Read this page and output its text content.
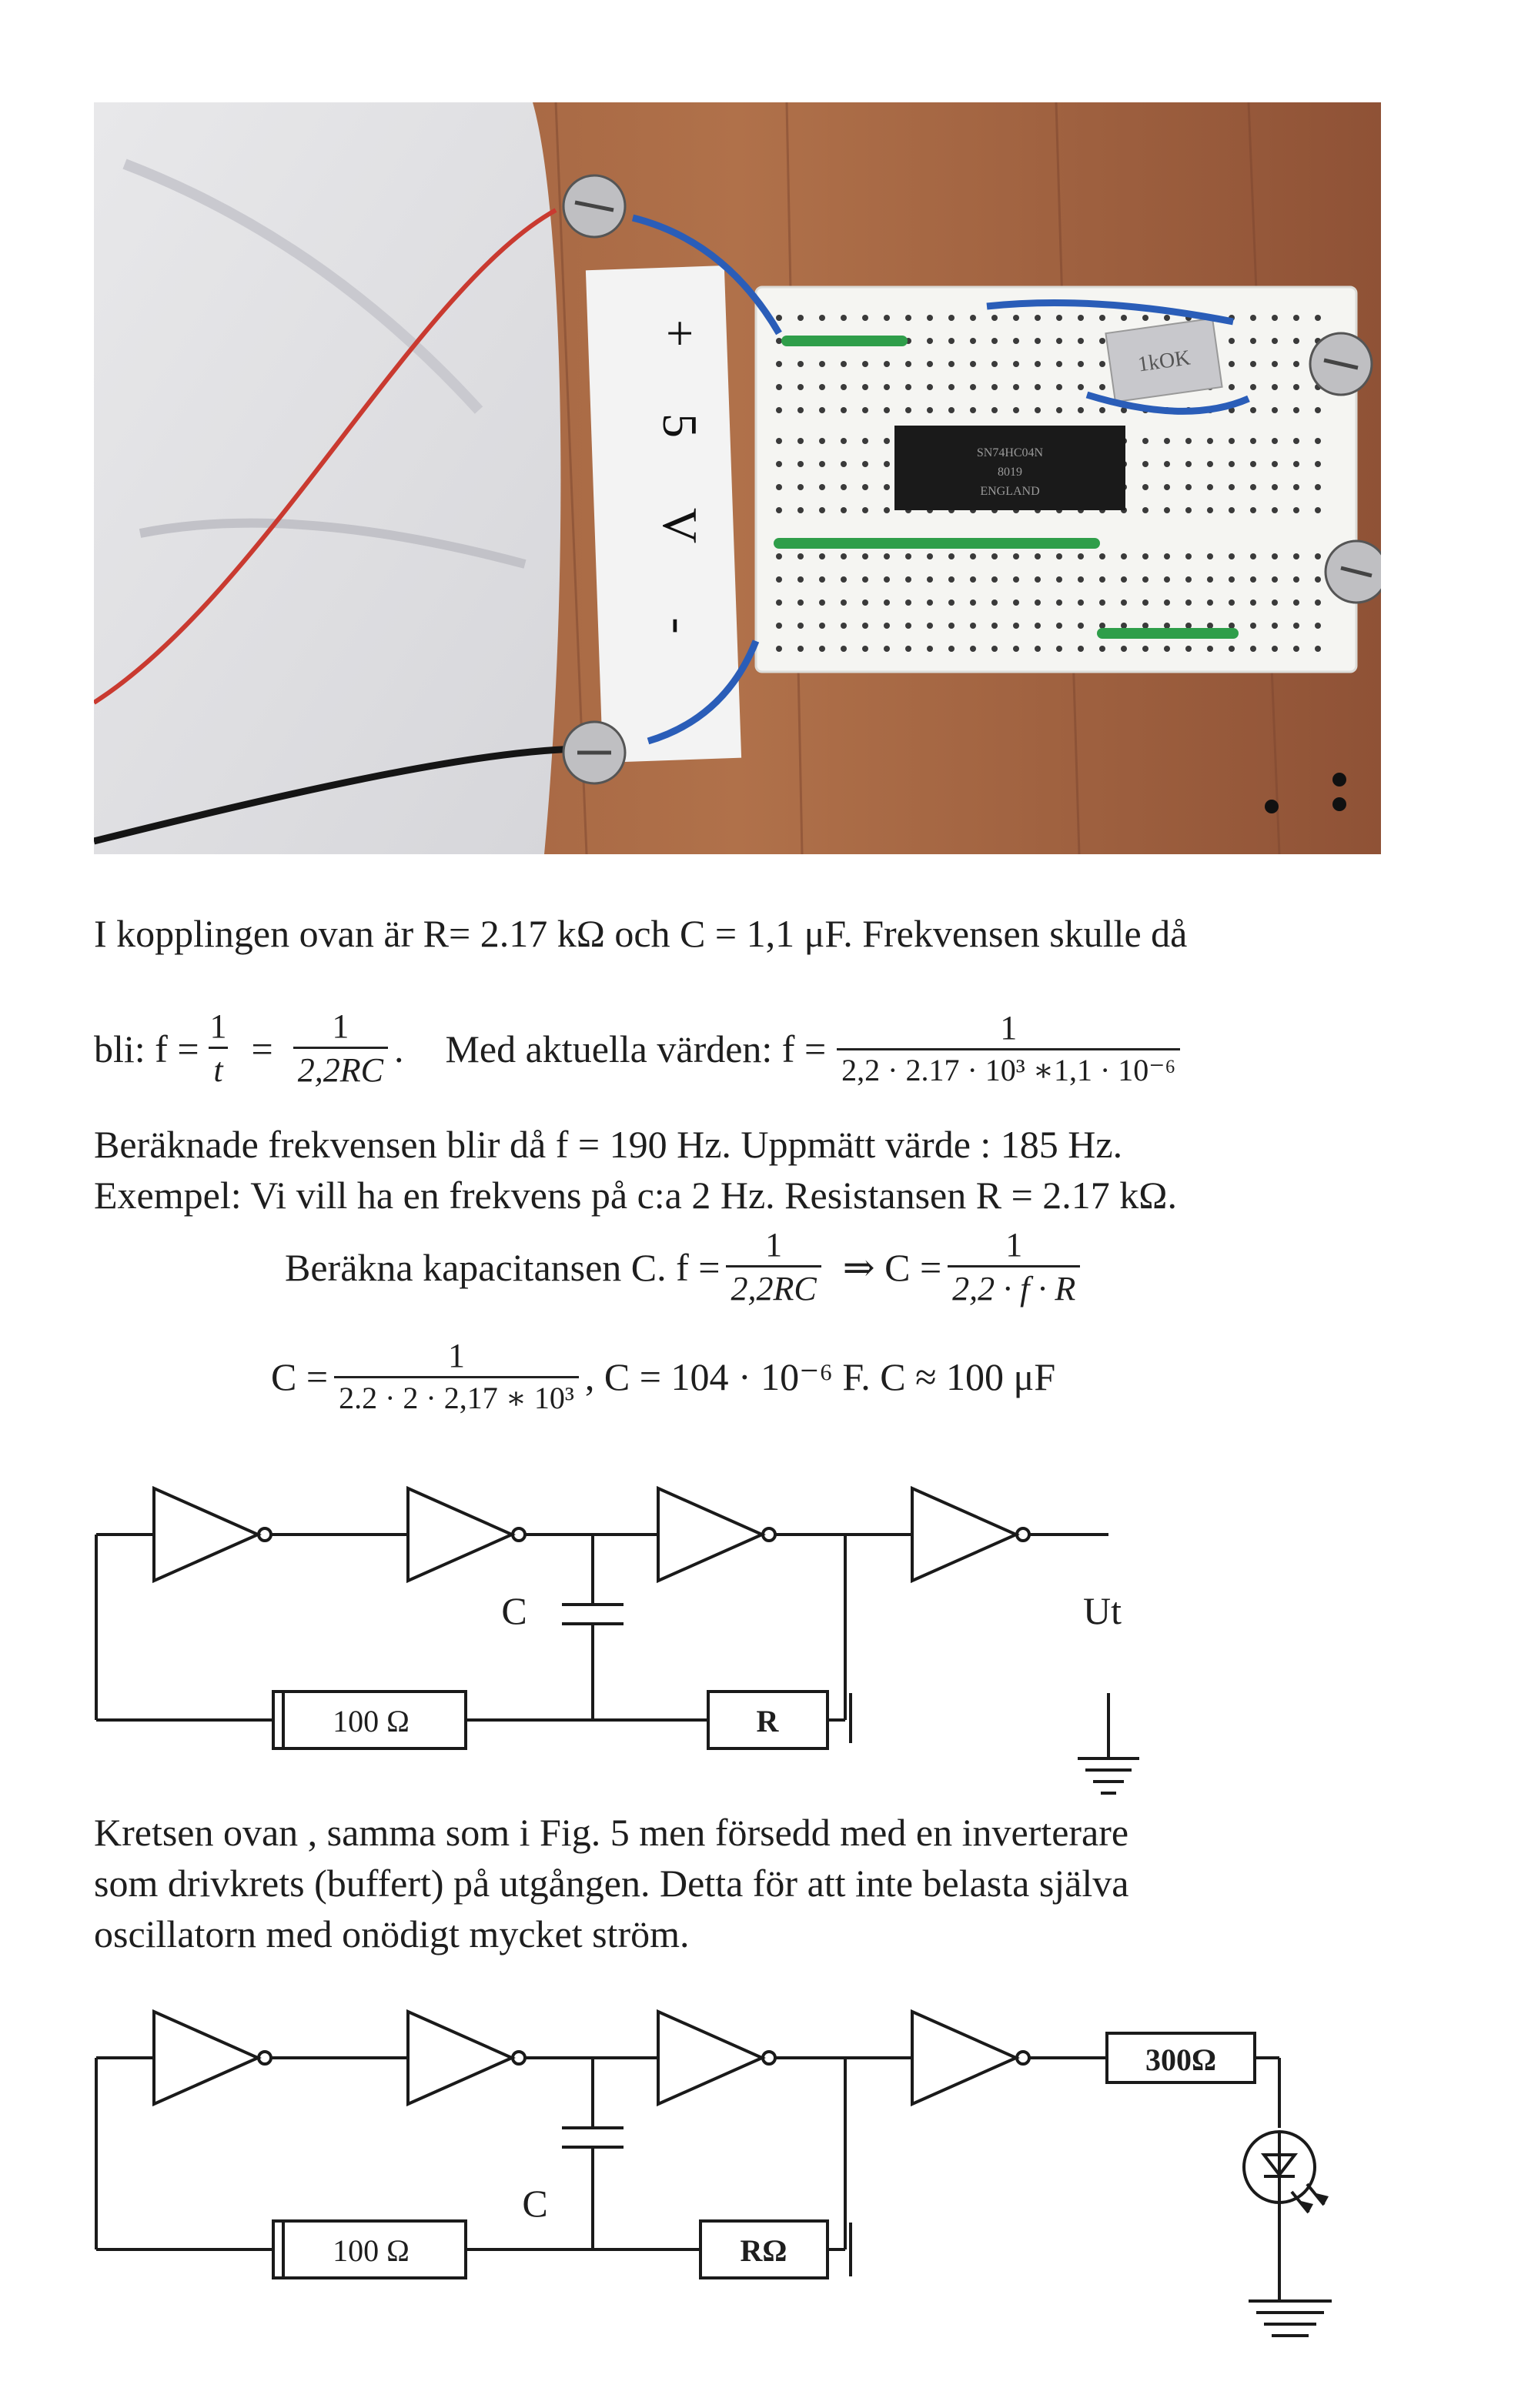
+
5
V
-
SN74HC04N
8019
ENGLAND
1kOK
I kopplingen ovan är R= 2.17 kΩ och C = 1,1 μF. Frekvensen skulle då
bli: $f = \frac{1}{t} = \frac{1}{2,2RC}$ . Med aktuella värden: $f = \frac{1}{\text{2,2 · 2.17 · 10³ ∗1,1 · 10⁻⁶}}$
Beräknade frekvensen blir då f = 190 Hz. Uppmätt värde : 185 Hz.
Exempel: Vi vill ha en frekvens på c:a 2 Hz. Resistansen R = 2.17 kΩ.
Beräkna kapacitansen C. $f = \frac{1}{2,2RC}$ ⇒ $C = \frac{1}{2,2 \cdot f \cdot R}$
$C = \frac{1}{\text{2.2 · 2 · 2,17 ∗ 10³}}$ , C = 104 · 10⁻⁶ F. C ≈ 100 μF
C	Ut
100 Ω	R
Kretsen ovan , samma som i Fig. 5 men försedd med en inverterare
som drivkrets (buffert) på utgången. Detta för att inte belasta själva
oscillatorn med onödigt mycket ström.
C
100 Ω	RΩ
300Ω
